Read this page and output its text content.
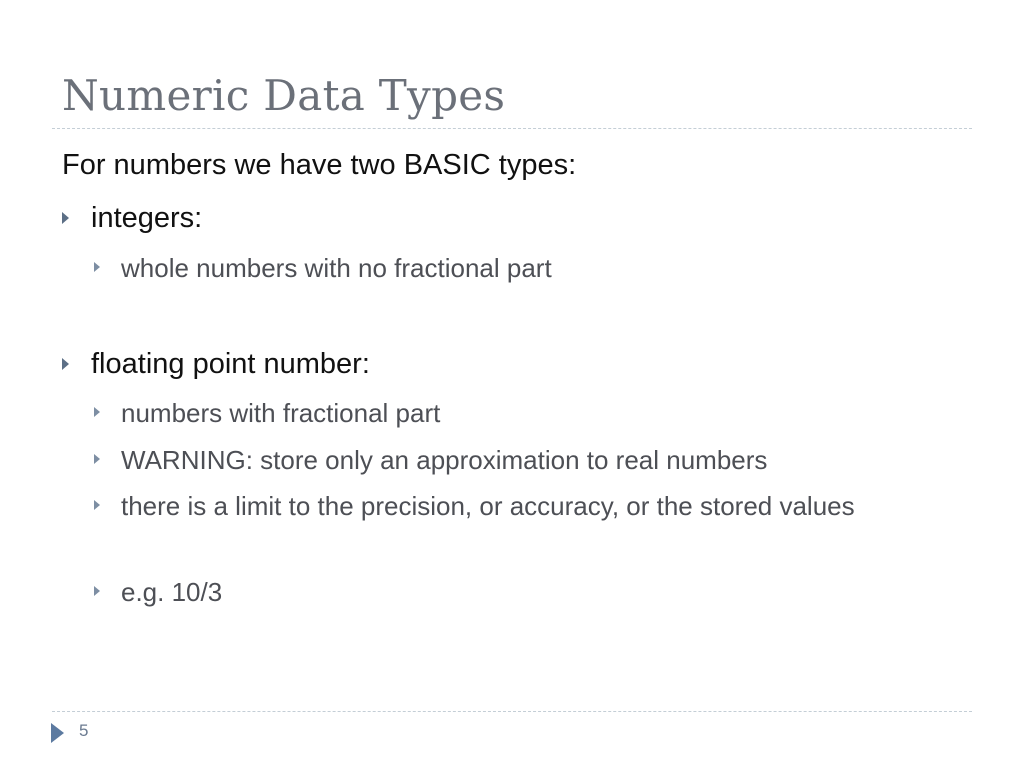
Numeric Data Types
For numbers we have two BASIC types:
integers:
whole numbers with no fractional part
floating point number:
numbers with fractional part
WARNING: store only an approximation to real numbers
there is a limit to the precision, or accuracy, or the stored values
e.g. 10/3
5
